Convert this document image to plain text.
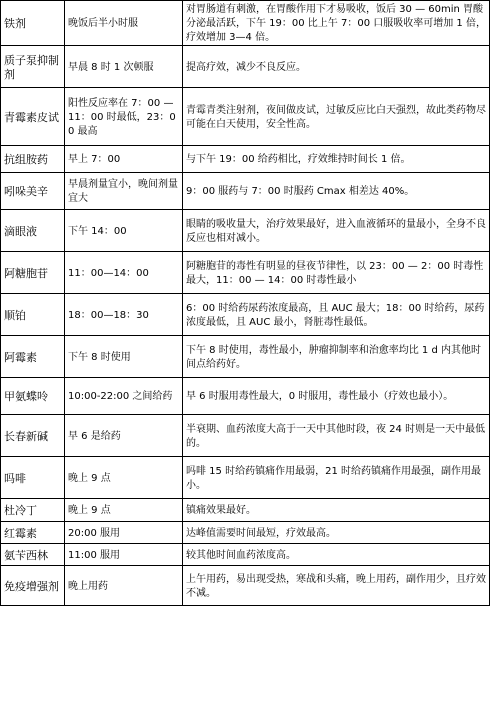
铁剂	晚饭后半小时服	对胃肠道有刺激，在胃酸作用下才易吸收，饭后 30 — 60min 胃酸分泌最活跃，下午 19：00 比上午 7：00 口服吸收率可增加 1 倍，疗效增加 3—4 倍。
质子泵抑制剂	早晨 8 时 1 次顿服	提高疗效，减少不良反应。
青霉素皮试	阳性反应率在 7：00 — 11：00 时最低，23：00 最高	青霉青类注射剂，夜间做皮试，过敏反应比白天强烈，故此类药物尽可能在白天使用，安全性高。
抗组胺药	早上 7：00	与下午 19：00 给药相比，疗效维持时间长 1 倍。
吲哚美辛	早晨剂量宜小，晚间剂量宜大	9：00 服药与 7：00 时服药 Cmax 相差达 40%。
滴眼液	下午 14：00	眼睛的吸收量大，治疗效果最好，进入血液循环的量最小，全身不良反应也相对减小。
阿糖胞苷	11：00—14：00	阿糖胞苷的毒性有明显的昼夜节律性，以 23：00 — 2：00 时毒性最大，11：00 — 14：00 时毒性最小
顺铂	18：00—18：30	6：00 时给药尿药浓度最高，且 AUC 最大；18：00 时给药，尿药浓度最低，且 AUC 最小，肾脏毒性最低。
阿霉素	下午 8 时使用	下午 8 时使用，毒性最小，肿瘤抑制率和治愈率均比 1 d 内其他时间点给药好。
甲氨蝶呤	10:00-22:00 之间给药	早 6 时服用毒性最大，0 时服用，毒性最小（疗效也最小）。
长春新碱	早 6 是给药	半衰期、血药浓度大高于一天中其他时段，夜 24 时则是一天中最低的。
吗啡	晚上 9 点	吗啡 15 时给药镇痛作用最弱，21 时给药镇痛作用最强，副作用最小。
杜冷丁	晚上 9 点	镇痛效果最好。
红霉素	20:00 服用	达峰值需要时间最短，疗效最高。
氨苄西林	11:00 服用	较其他时间血药浓度高。
免疫增强剂	晚上用药	上午用药，易出现受热，寒战和头痛，晚上用药，副作用少，且疗效不减。
